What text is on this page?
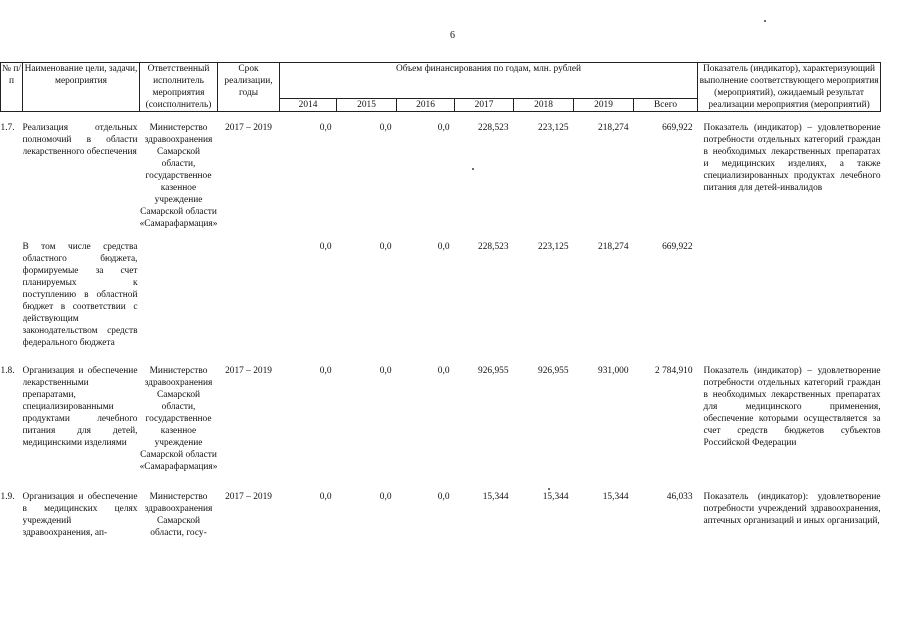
6
№ п/п	Наименование цели, задачи, мероприятия	Ответственный исполнитель мероприятия (соисполнитель)	Срок реализации, годы	Объем финансирования по годам, млн. рублей							Показатель (индикатор), характеризующий выполнение соответствующего мероприятия (мероприятий), ожидаемый результат реализации мероприятия (мероприятий)
				2014	2015	2016	2017	2018	2019	Всего	
1.7.	Реализация отдельных полномочий в области лекарственного обеспечения	Министерство здравоохранения Самарской области, государственное казенное учреждение Самарской области «Самарафармация»	2017 – 2019	0,0	0,0	0,0	228,523	223,125	218,274	669,922	Показатель (индикатор) – удовлетворение потребности отдельных категорий граждан в необходимых лекарственных препаратах и медицинских изделиях, а также специализированных продуктах лечебного питания для детей-инвалидов
	В том числе средства областного бюджета, формируемые за счет планируемых к поступлению в областной бюджет в соответствии с действующим законодательством средств федерального бюджета			0,0	0,0	0,0	228,523	223,125	218,274	669,922	
1.8.	Организация и обеспечение лекарственными препаратами, специализированными продуктами лечебного питания для детей, медицинскими изделиями	Министерство здравоохранения Самарской области, государственное казенное учреждение Самарской области «Самарафармация»	2017 – 2019	0,0	0,0	0,0	926,955	926,955	931,000	2 784,910	Показатель (индикатор) – удовлетворение потребности отдельных категорий граждан в необходимых лекарственных препаратах для медицинского применения, обеспечение которыми осуществляется за счет средств бюджетов субъектов Российской Федерации
1.9.	Организация и обеспечение в медицинских целях учреждений здравоохранения, ап-	Министерство здравоохранения Самарской области, госу-	2017 – 2019	0,0	0,0	0,0	15,344	15,344	15,344	46,033	Показатель (индикатор): удовлетворение потребности учреждений здравоохранения, аптечных организаций и иных организаций,
